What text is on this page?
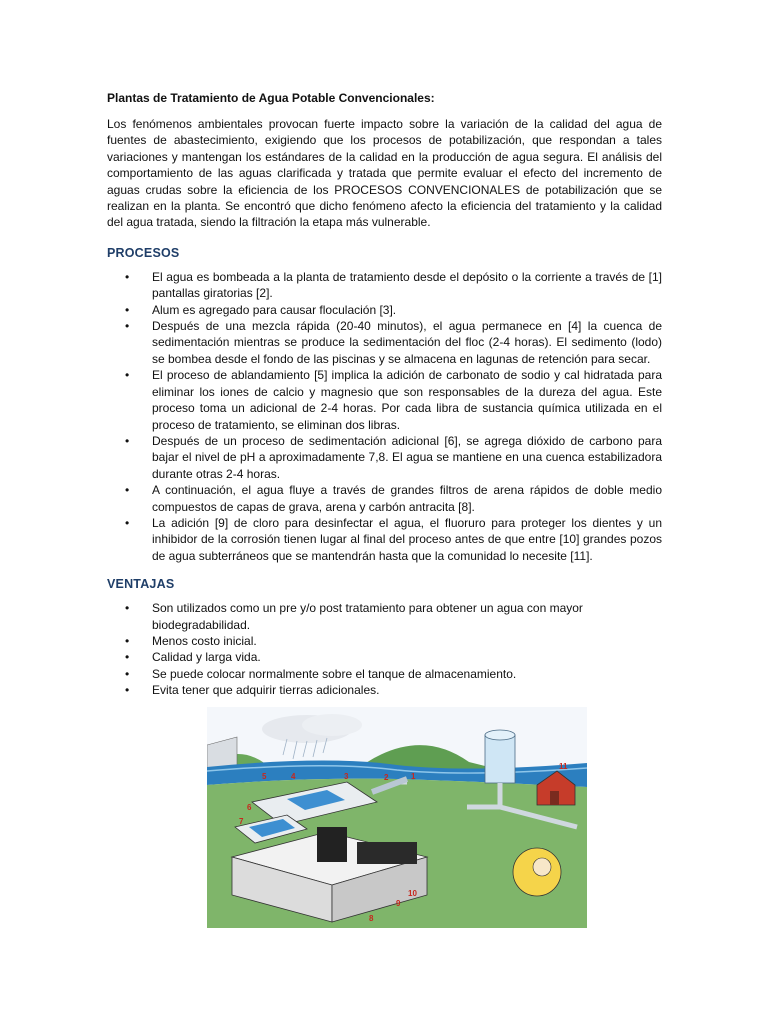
Plantas de Tratamiento de Agua Potable Convencionales:

Los fenómenos ambientales provocan fuerte impacto sobre la variación de la calidad del agua de fuentes de abastecimiento, exigiendo que los procesos de potabilización, que respondan a tales variaciones y mantengan los estándares de la calidad en la producción de agua segura. El análisis del comportamiento de las aguas clarificada y tratada que permite evaluar el efecto del incremento de aguas crudas sobre la eficiencia de los PROCESOS CONVENCIONALES de potabilización que se realizan en la planta. Se encontró que dicho fenómeno afecto la eficiencia del tratamiento y la calidad del agua tratada, siendo la filtración la etapa más vulnerable.

PROCESOS
• El agua es bombeada a la planta de tratamiento desde el depósito o la corriente a través de [1] pantallas giratorias [2].
• Alum es agregado para causar floculación [3].
• Después de una mezcla rápida (20-40 minutos), el agua permanece en [4] la cuenca de sedimentación mientras se produce la sedimentación del floc (2-4 horas). El sedimento (lodo) se bombea desde el fondo de las piscinas y se almacena en lagunas de retención para secar.
• El proceso de ablandamiento [5] implica la adición de carbonato de sodio y cal hidratada para eliminar los iones de calcio y magnesio que son responsables de la dureza del agua. Este proceso toma un adicional de 2-4 horas. Por cada libra de sustancia química utilizada en el proceso de tratamiento, se eliminan dos libras.
• Después de un proceso de sedimentación adicional [6], se agrega dióxido de carbono para bajar el nivel de pH a aproximadamente 7,8. El agua se mantiene en una cuenca estabilizadora durante otras 2-4 horas.
• A continuación, el agua fluye a través de grandes filtros de arena rápidos de doble medio compuestos de capas de grava, arena y carbón antracita [8].
• La adición [9] de cloro para desinfectar el agua, el fluoruro para proteger los dientes y un inhibidor de la corrosión tienen lugar al final del proceso antes de que entre [10] grandes pozos de agua subterráneos que se mantendrán hasta que la comunidad lo necesite [11].
VENTAJAS
• Son utilizados como un pre y/o post tratamiento para obtener un agua con mayor biodegradabilidad.
• Menos costo inicial.
• Calidad y larga vida.
• Se puede colocar normalmente sobre el tanque de almacenamiento.
• Evita tener que adquirir tierras adicionales.
1
2
3
4
5
6
7
8
9
10
11
